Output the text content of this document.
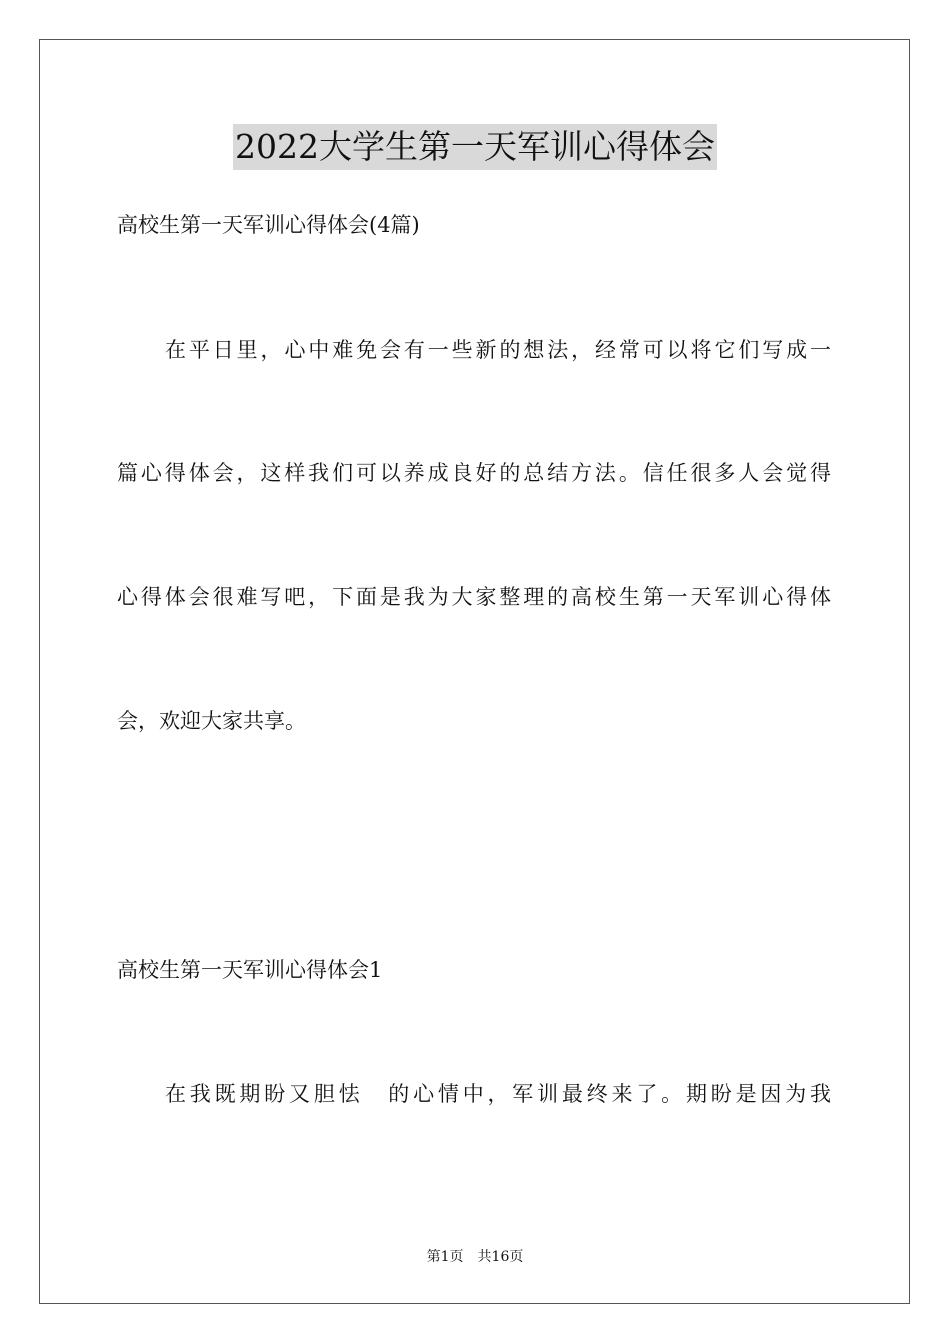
2022大学生第一天军训心得体会
高校生第一天军训心得体会(4篇)
在平日里，心中难免会有一些新的想法，经常可以将它们写成一
篇心得体会，这样我们可以养成良好的总结方法。信任很多人会觉得
心得体会很难写吧，下面是我为大家整理的高校生第一天军训心得体
会，欢迎大家共享。
高校生第一天军训心得体会1
在我既期盼又胆怯　的心情中，军训最终来了。期盼是因为我
第1页 共16页
